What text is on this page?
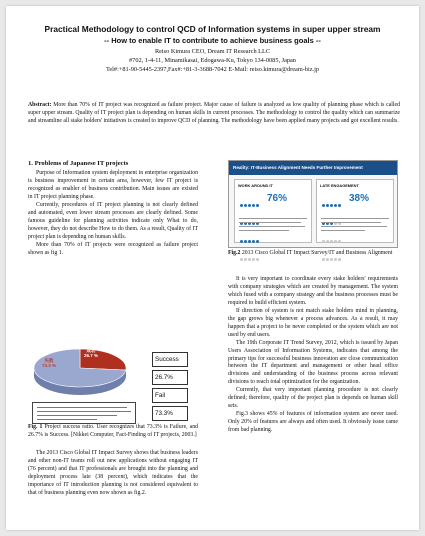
Practical Methodology to control QCD of Information systems in super upper stream
-- How to enable IT to contribute to achieve business goals --
Reiso Kimura CEO, Dream IT Research LLC
#702, 1-4-11, Minamikasai, Edogawa-Ku, Tokyo 134-0085, Japan
Tel#:+81-90-5445-2397,Fax#:+81-3-3688-7042 E-Mail: reiso.kimura@dream-biz.jp
Abstract: More than 70% of IT project was recognized as failure project. Major cause of failure is analyzed as low quality of planning phase which is called super upper stream. Quality of IT project plan is depending on human skills in current processes. The methodology to control the quality which can summarize and streamline all stake holders' initiatives is created to improve QCD of planning. The methodology have been applied many projects and got excellent results.
1. Problems of Japanese IT projects

Purpose of Information system deployment in enterprise organization is business improvement in certain area, however, few IT project is recognized as enabler of business contribution. Main issues are existed in IT project planning phase.

Currently, procedures of IT project planning is not clearly defined and automated, even lower stream processes are clearly defined. Some famous guideline for planning activities indicate only What to do, however, they do not describe How to do them. As a result, Quality of IT project plan is depending on human skills.

More than 70% of IT projects were recognized as failure project shown as fig 1.

成功
26.7 %
失敗
73.3 %
Success
26.7%
Fail
73.3%
Fig. 1 Project success ratio. User recognizes that 73.3% is Failure, and 26.7% is Success. [Nikkei Computer, Fact-Finding of IT projects, 2003.]

The 2013 Cisco Global IT Impact Survey shows that business leaders and other non-IT teams roll out new applications without engaging IT (76 percent) and that IT professionals are brought into the planning and deployment process late (38 percent), which indicates that the importance of IT introduction planning is not considered equivalent to that of business planning even now shown as fig.2.

Reality: IT-Business Alignment Needs Further Improvement
WORK AROUND IT
76%
LATE ENGAGEMENT
38%
Fig.2 2013 Cisco Global IT Impact Survey/IT and Business Alignment

It is very important to coordinate every stake holders' requirements with company strategies which are created by management. The system which fused with a company strategy and the business processes must be required to build efficient system.

If direction of system is not match stake holders mind in planning, the gap grows big whenever a process advances. As a result, it may happen that a project to be never completed or the system which are not used by end users.

The 19th Corporate IT Trend Survey, 2012, which is issued by Japan Users Association of Information Systems, indicates that among the primary tips for successful business innovation are close communication between the IT department and management or other head office divisions and understanding of the business process across relevant divisions to reach total optimization for the organization.

Currently, that very important planning procedure is not clearly defined; therefore, quality of the project plan is depends on human skill sets.

Fig.3 shows 45% of features of information system are never used. Only 20% of features are always and often used. It obviously issue came from bad planning.
